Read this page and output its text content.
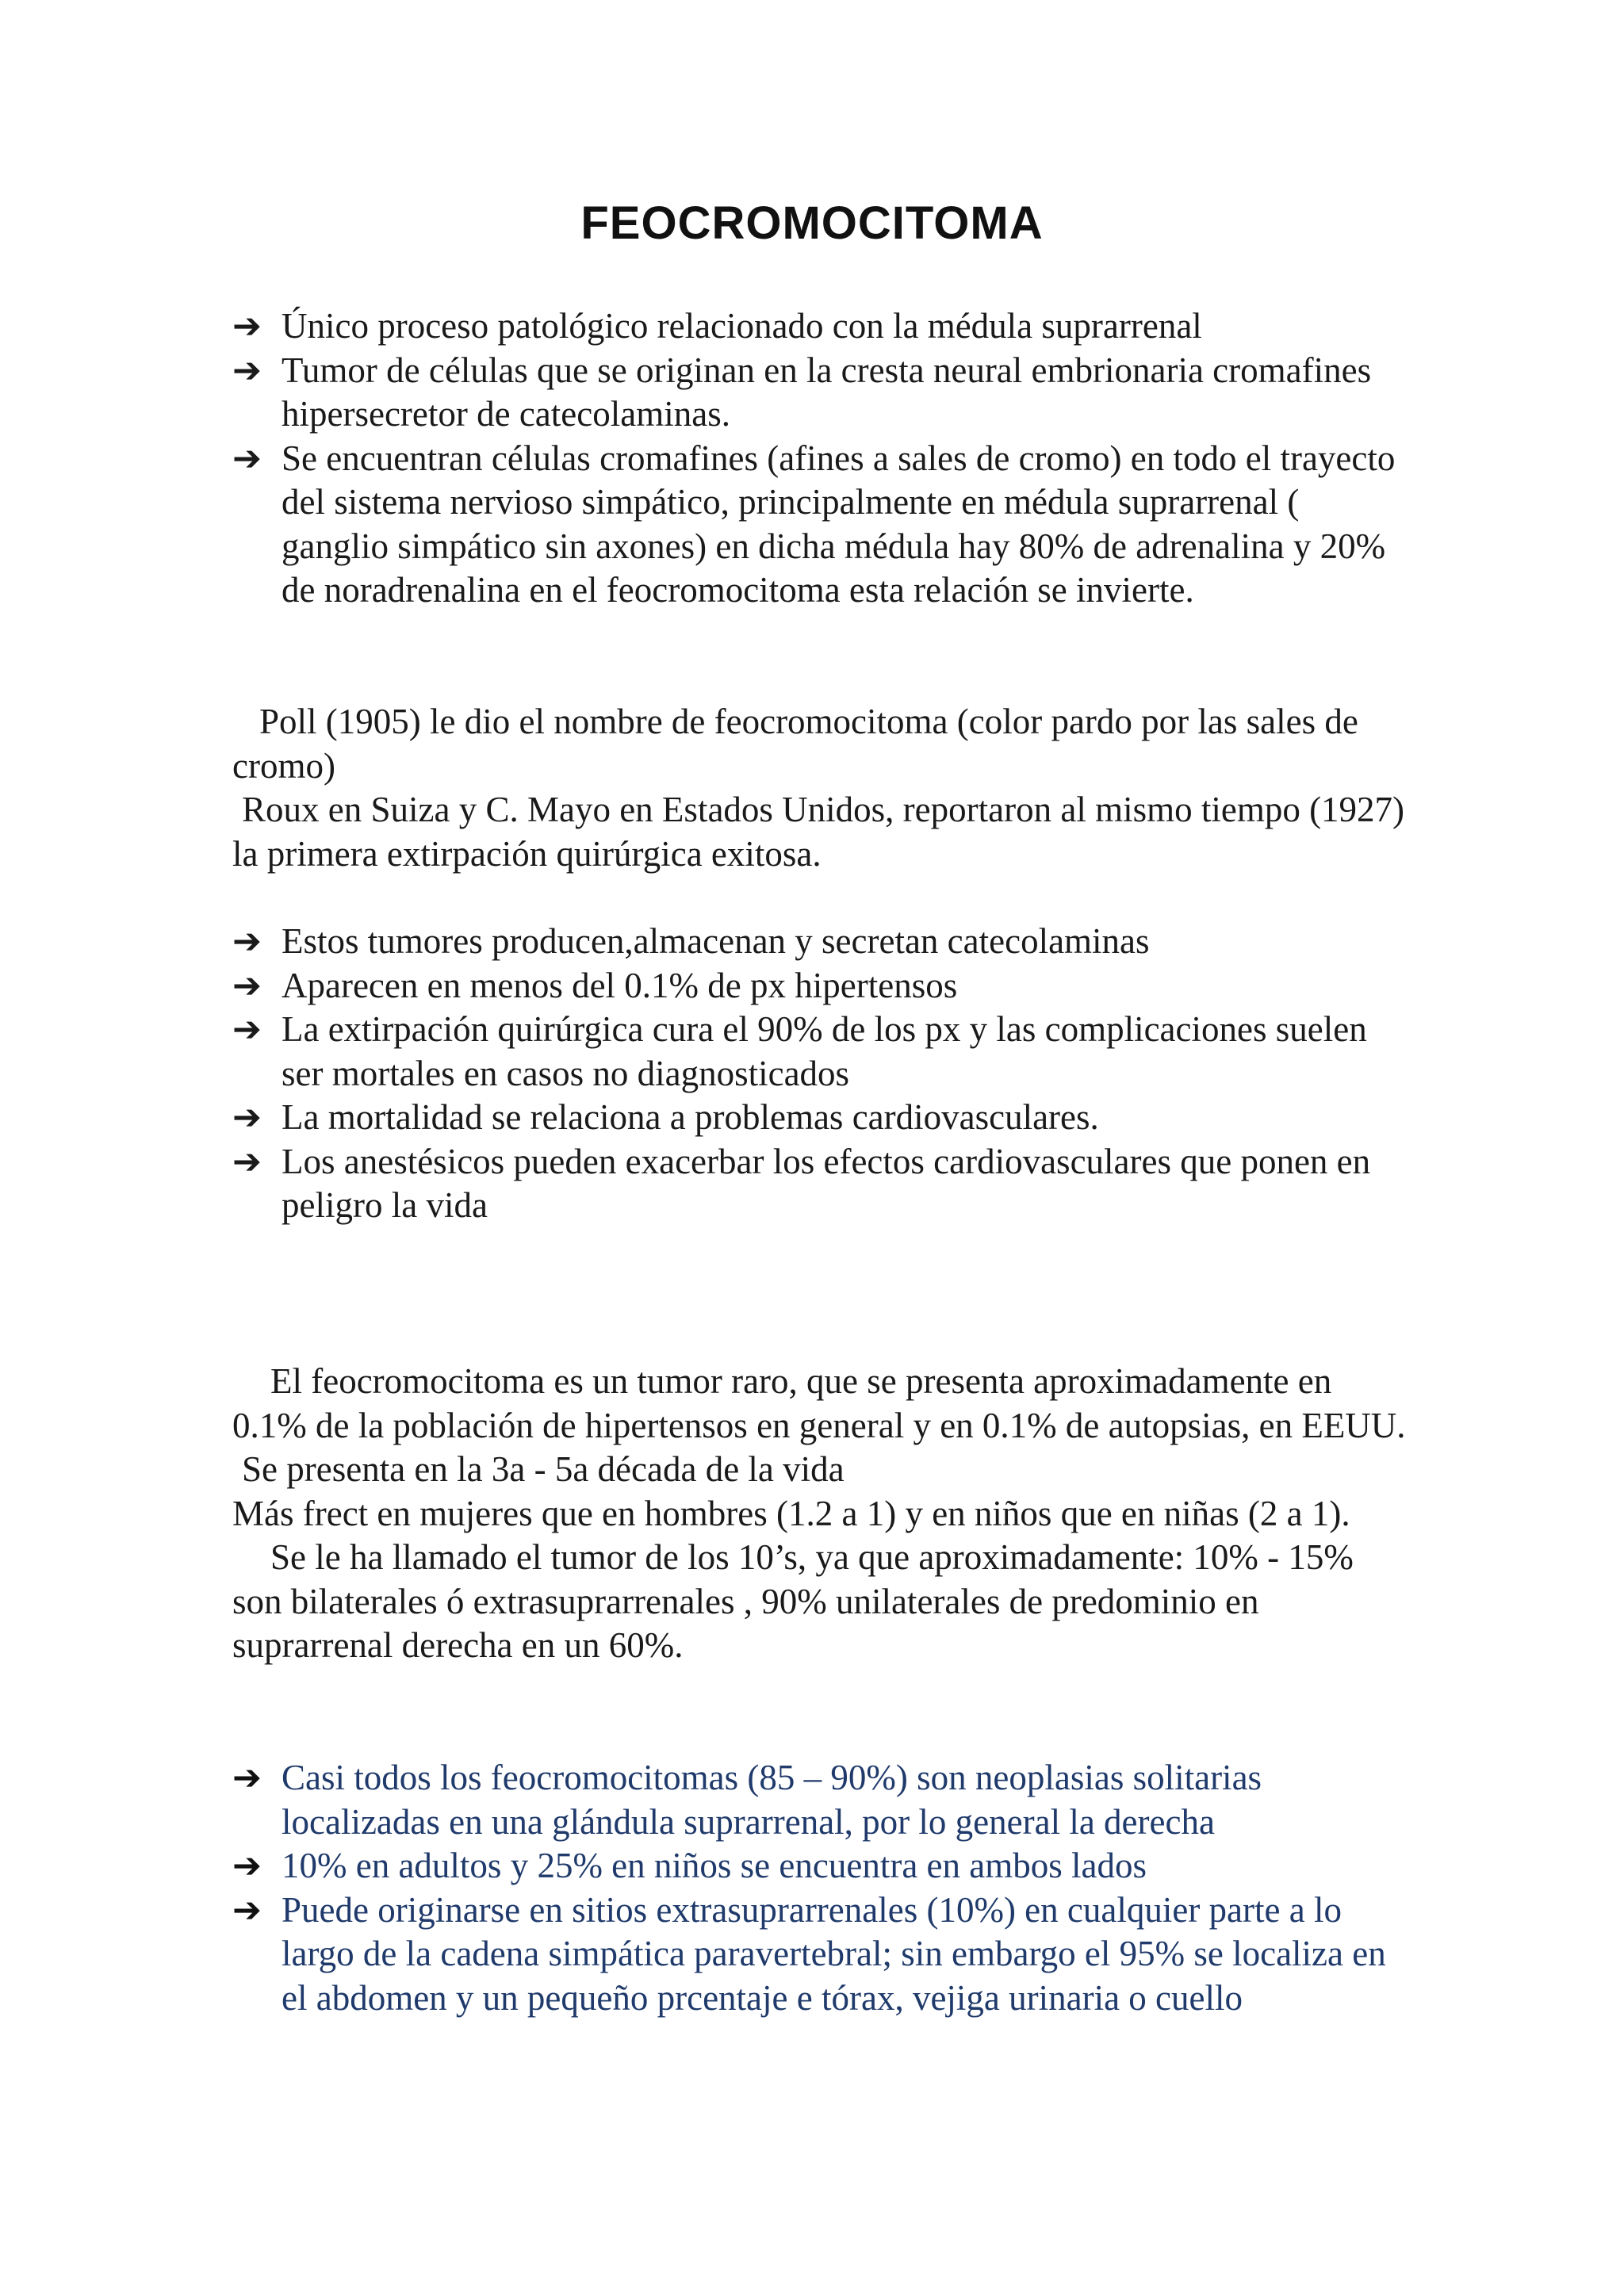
FEOCROMOCITOMA

➔ Único proceso patológico relacionado con la médula suprarrenal

➔ Tumor de células que se originan en la cresta neural embrionaria cromafines hipersecretor de catecolaminas.

➔ Se encuentran células cromafines (afines a sales de cromo) en todo el trayecto del sistema nervioso simpático, principalmente en médula suprarrenal ( ganglio simpático sin axones) en dicha médula hay 80% de adrenalina y 20% de noradrenalina en el feocromocitoma esta relación se invierte.

Poll (1905) le dio el nombre de feocromocitoma (color pardo por las sales de cromo)

Roux en Suiza y C. Mayo en Estados Unidos, reportaron al mismo tiempo (1927) la primera extirpación quirúrgica exitosa.

➔ Estos tumores producen,almacenan y secretan catecolaminas

➔ Aparecen en menos del 0.1% de px hipertensos

➔ La extirpación quirúrgica cura el 90% de los px y las complicaciones suelen ser mortales en casos no diagnosticados

➔ La mortalidad se relaciona a problemas cardiovasculares.

➔ Los anestésicos pueden exacerbar los efectos cardiovasculares que ponen en peligro la vida

El feocromocitoma es un tumor raro, que se presenta aproximadamente en 0.1% de la población de hipertensos en general y en 0.1% de autopsias, en EEUU.

Se presenta en la 3a - 5a década de la vida

Más frect en mujeres que en hombres (1.2 a 1) y en niños que en niñas (2 a 1).

Se le ha llamado el tumor de los 10’s, ya que aproximadamente: 10% - 15% son bilaterales ó extrasuprarrenales , 90% unilaterales de predominio en suprarrenal derecha en un 60%.

➔ Casi todos los feocromocitomas (85 – 90%) son neoplasias solitarias localizadas en una glándula suprarrenal, por lo general la derecha

➔ 10% en adultos y 25% en niños se encuentra en ambos lados

➔ Puede originarse en sitios extrasuprarrenales (10%) en cualquier parte a lo largo de la cadena simpática paravertebral; sin embargo el 95% se localiza en el abdomen y un pequeño prcentaje e tórax, vejiga urinaria o cuello
